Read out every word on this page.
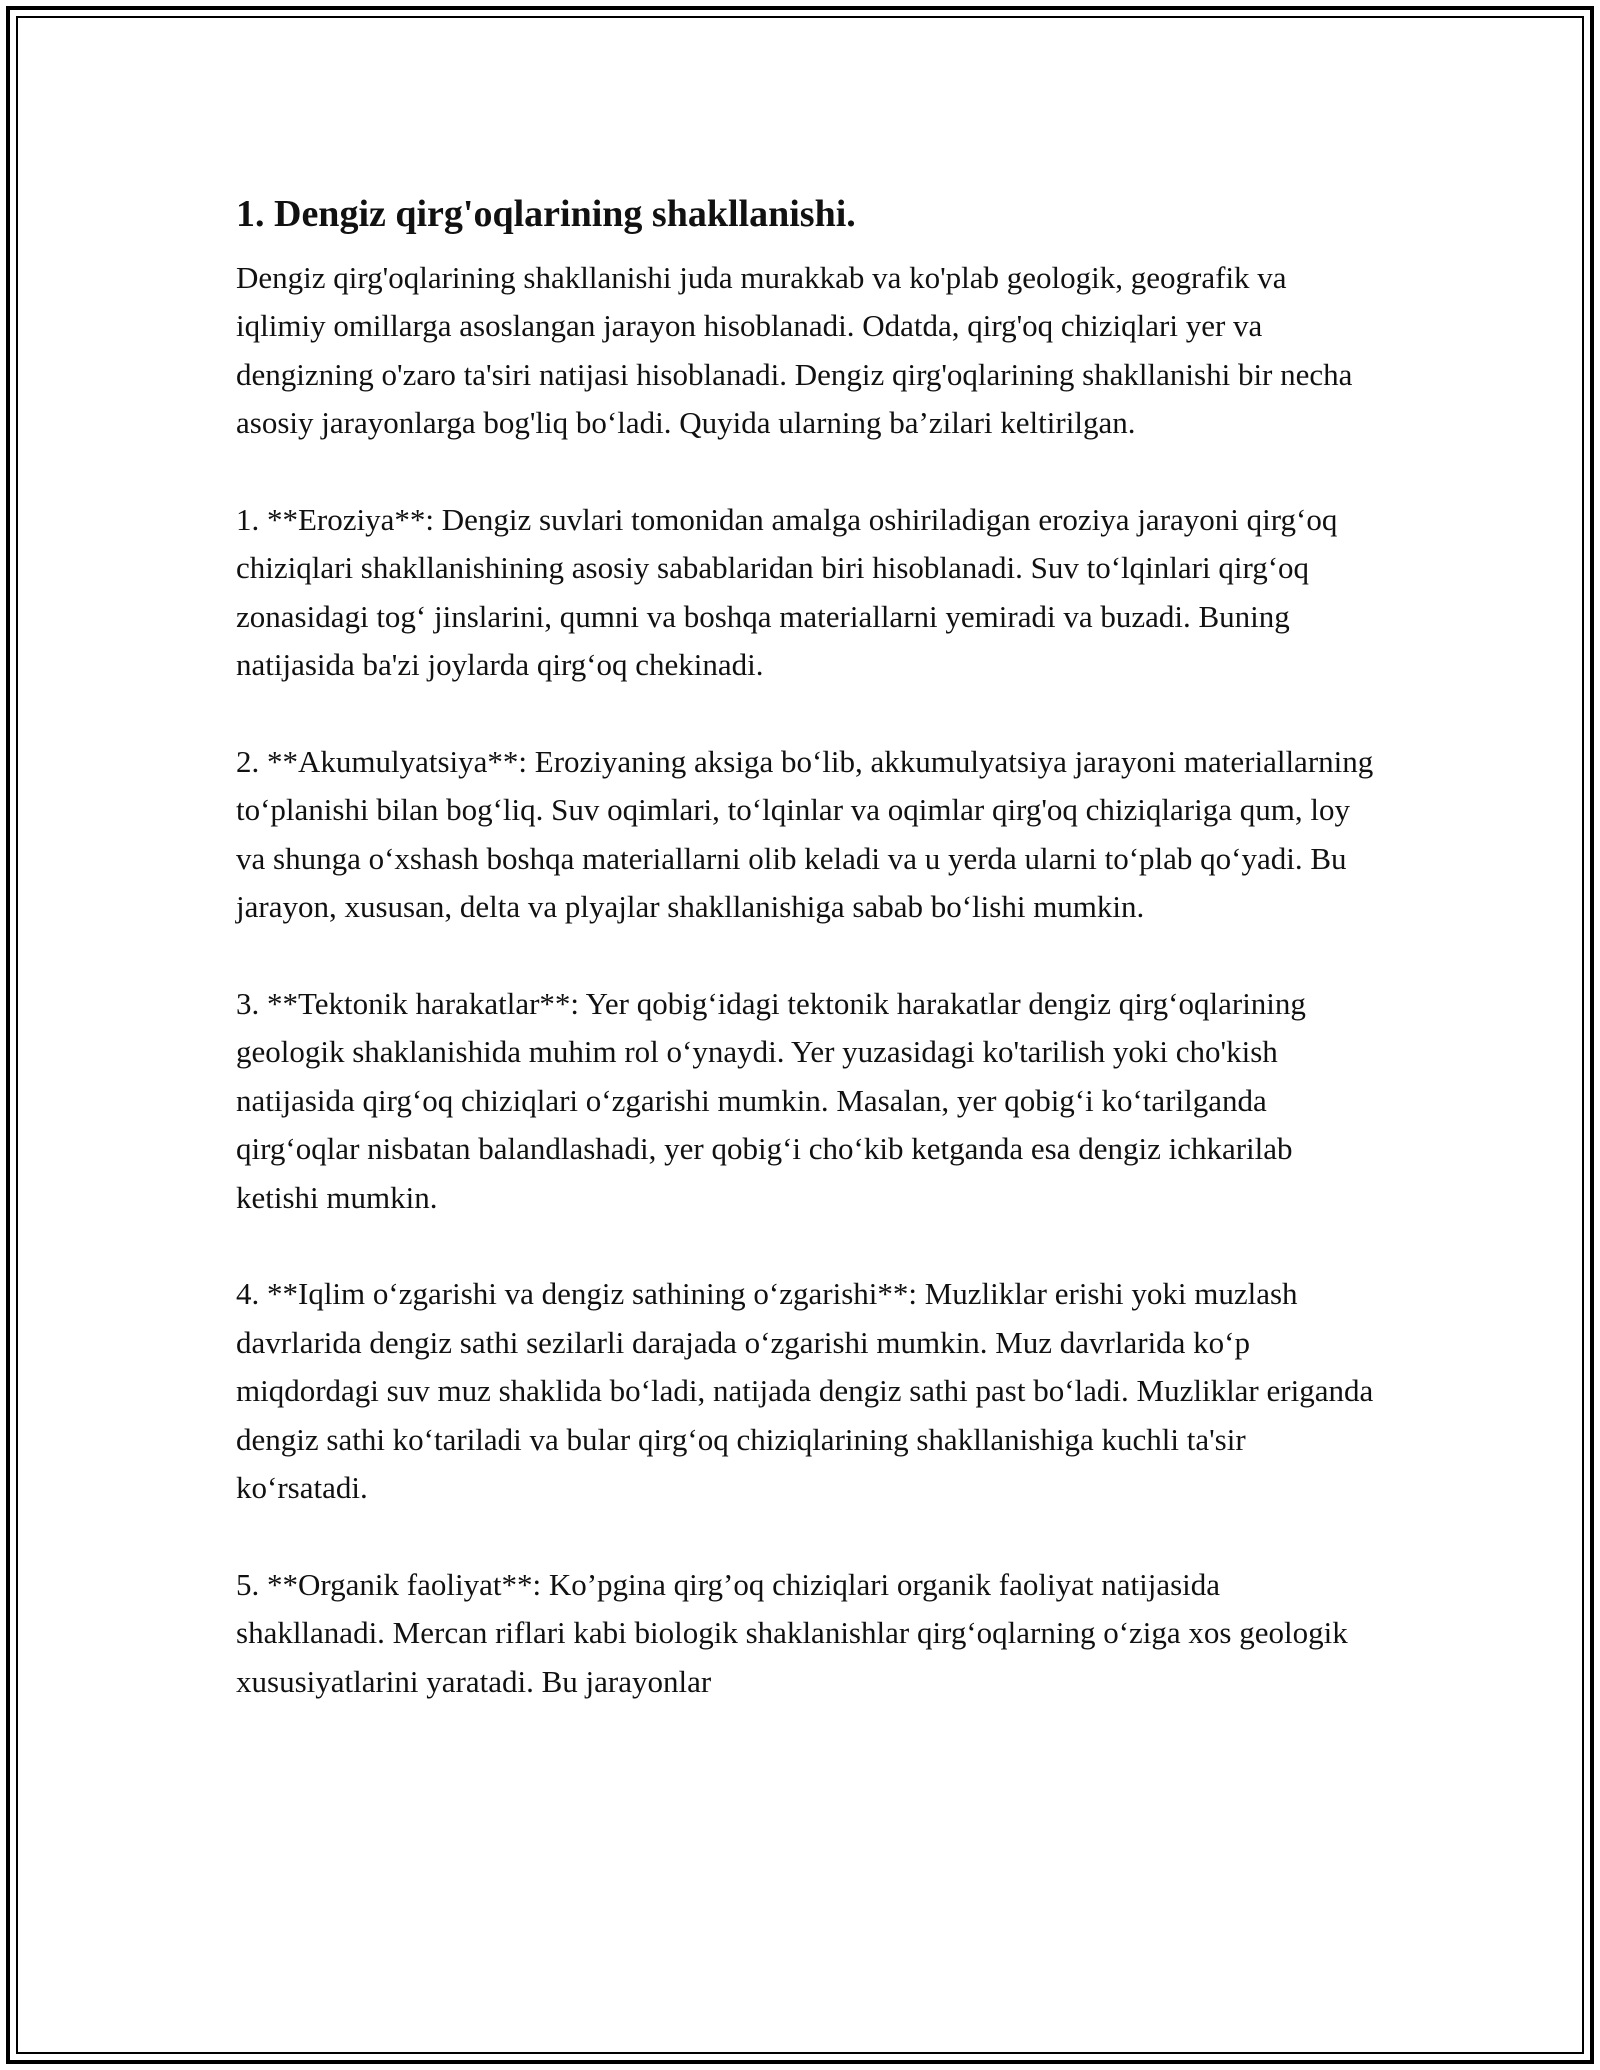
1. Dengiz qirg'oqlarining shakllanishi.

Dengiz qirg'oqlarining shakllanishi juda murakkab va ko'plab geologik, geografik va iqlimiy omillarga asoslangan jarayon hisoblanadi. Odatda, qirg'oq chiziqlari yer va dengizning o'zaro ta'siri natijasi hisoblanadi. Dengiz qirg'oqlarining shakllanishi bir necha asosiy jarayonlarga bog'liq bo‘ladi. Quyida ularning ba’zilari keltirilgan.

1. **Eroziya**: Dengiz suvlari tomonidan amalga oshiriladigan eroziya jarayoni qirg‘oq chiziqlari shakllanishining asosiy sabablaridan biri hisoblanadi. Suv to‘lqinlari qirg‘oq zonasidagi tog‘ jinslarini, qumni va boshqa materiallarni yemiradi va buzadi. Buning natijasida ba'zi joylarda qirg‘oq chekinadi.

2. **Akumulyatsiya**: Eroziyaning aksiga bo‘lib, akkumulyatsiya jarayoni materiallarning to‘planishi bilan bog‘liq. Suv oqimlari, to‘lqinlar va oqimlar qirg'oq chiziqlariga qum, loy va shunga o‘xshash boshqa materiallarni olib keladi va u yerda ularni to‘plab qo‘yadi. Bu jarayon, xususan, delta va plyajlar shakllanishiga sabab bo‘lishi mumkin.

3. **Tektonik harakatlar**: Yer qobig‘idagi tektonik harakatlar dengiz qirg‘oqlarining geologik shaklanishida muhim rol o‘ynaydi. Yer yuzasidagi ko'tarilish yoki cho'kish natijasida qirg‘oq chiziqlari o‘zgarishi mumkin. Masalan, yer qobig‘i ko‘tarilganda qirg‘oqlar nisbatan balandlashadi, yer qobig‘i cho‘kib ketganda esa dengiz ichkarilab ketishi mumkin.

4. **Iqlim o‘zgarishi va dengiz sathining o‘zgarishi**: Muzliklar erishi yoki muzlash davrlarida dengiz sathi sezilarli darajada o‘zgarishi mumkin. Muz davrlarida ko‘p miqdordagi suv muz shaklida bo‘ladi, natijada dengiz sathi past bo‘ladi. Muzliklar eriganda dengiz sathi ko‘tariladi va bular qirg‘oq chiziqlarining shakllanishiga kuchli ta'sir ko‘rsatadi.

5. **Organik faoliyat**: Ko’pgina qirg’oq chiziqlari organik faoliyat natijasida shakllanadi. Mercan riflari kabi biologik shaklanishlar qirg‘oqlarning o‘ziga xos geologik xususiyatlarini yaratadi. Bu jarayonlar
